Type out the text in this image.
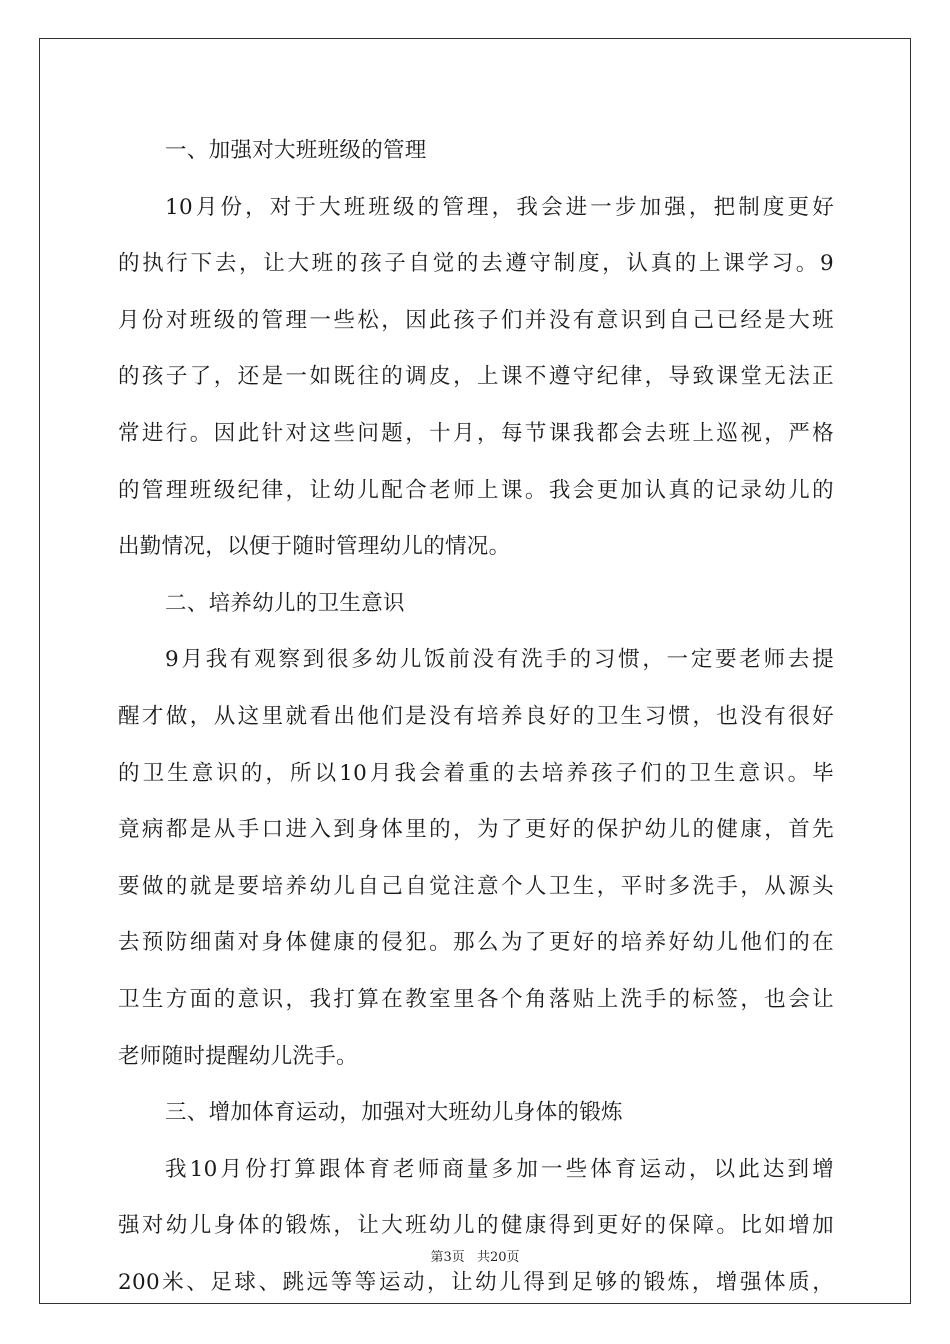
一、加强对大班班级的管理
10月份，对于大班班级的管理，我会进一步加强，把制度更好
的执行下去，让大班的孩子自觉的去遵守制度，认真的上课学习。9
月份对班级的管理一些松，因此孩子们并没有意识到自己已经是大班
的孩子了，还是一如既往的调皮，上课不遵守纪律，导致课堂无法正
常进行。因此针对这些问题，十月，每节课我都会去班上巡视，严格
的管理班级纪律，让幼儿配合老师上课。我会更加认真的记录幼儿的
出勤情况，以便于随时管理幼儿的情况。
二、培养幼儿的卫生意识
9月我有观察到很多幼儿饭前没有洗手的习惯，一定要老师去提
醒才做，从这里就看出他们是没有培养良好的卫生习惯，也没有很好
的卫生意识的，所以10月我会着重的去培养孩子们的卫生意识。毕
竟病都是从手口进入到身体里的，为了更好的保护幼儿的健康，首先
要做的就是要培养幼儿自己自觉注意个人卫生，平时多洗手，从源头
去预防细菌对身体健康的侵犯。那么为了更好的培养好幼儿他们的在
卫生方面的意识，我打算在教室里各个角落贴上洗手的标签，也会让
老师随时提醒幼儿洗手。
三、增加体育运动，加强对大班幼儿身体的锻炼
我10月份打算跟体育老师商量多加一些体育运动，以此达到增
强对幼儿身体的锻炼，让大班幼儿的健康得到更好的保障。比如增加
200米、足球、跳远等等运动，让幼儿得到足够的锻炼，增强体质，
第3页 共20页
